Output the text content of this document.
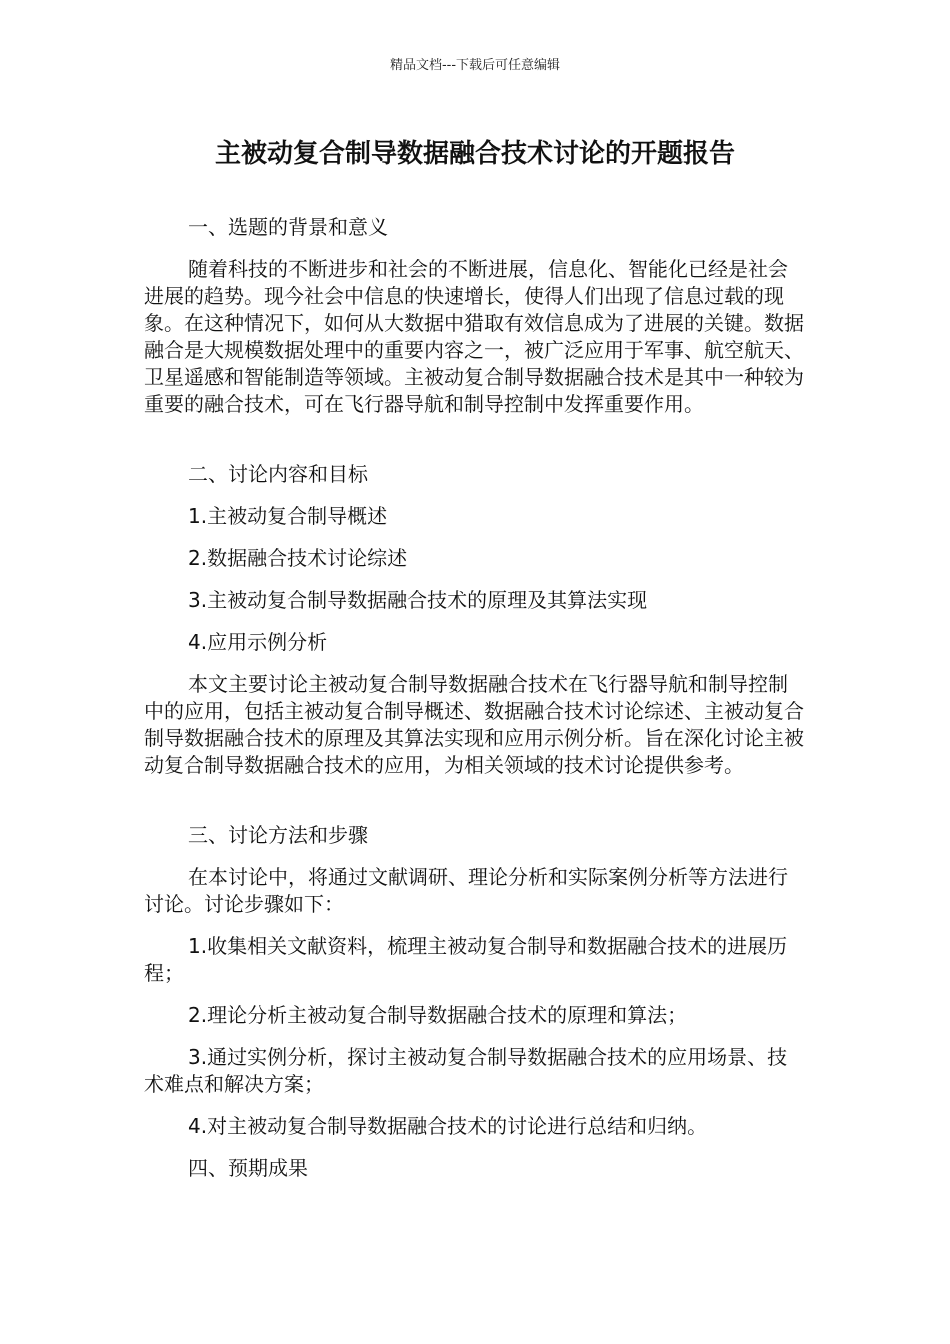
精品文档---下载后可任意编辑
主被动复合制导数据融合技术讨论的开题报告

一、选题的背景和意义

随着科技的不断进步和社会的不断进展，信息化、智能化已经是社会进展的趋势。现今社会中信息的快速增长，使得人们出现了信息过载的现象。在这种情况下，如何从大数据中猎取有效信息成为了进展的关键。数据融合是大规模数据处理中的重要内容之一，被广泛应用于军事、航空航天、卫星遥感和智能制造等领域。主被动复合制导数据融合技术是其中一种较为重要的融合技术，可在飞行器导航和制导控制中发挥重要作用。

二、讨论内容和目标

1.主被动复合制导概述

2.数据融合技术讨论综述

3.主被动复合制导数据融合技术的原理及其算法实现

4.应用示例分析

本文主要讨论主被动复合制导数据融合技术在飞行器导航和制导控制中的应用，包括主被动复合制导概述、数据融合技术讨论综述、主被动复合制导数据融合技术的原理及其算法实现和应用示例分析。旨在深化讨论主被动复合制导数据融合技术的应用，为相关领域的技术讨论提供参考。

三、讨论方法和步骤

在本讨论中，将通过文献调研、理论分析和实际案例分析等方法进行讨论。讨论步骤如下：

1.收集相关文献资料，梳理主被动复合制导和数据融合技术的进展历程；

2.理论分析主被动复合制导数据融合技术的原理和算法；

3.通过实例分析，探讨主被动复合制导数据融合技术的应用场景、技术难点和解决方案；

4.对主被动复合制导数据融合技术的讨论进行总结和归纳。

四、预期成果
